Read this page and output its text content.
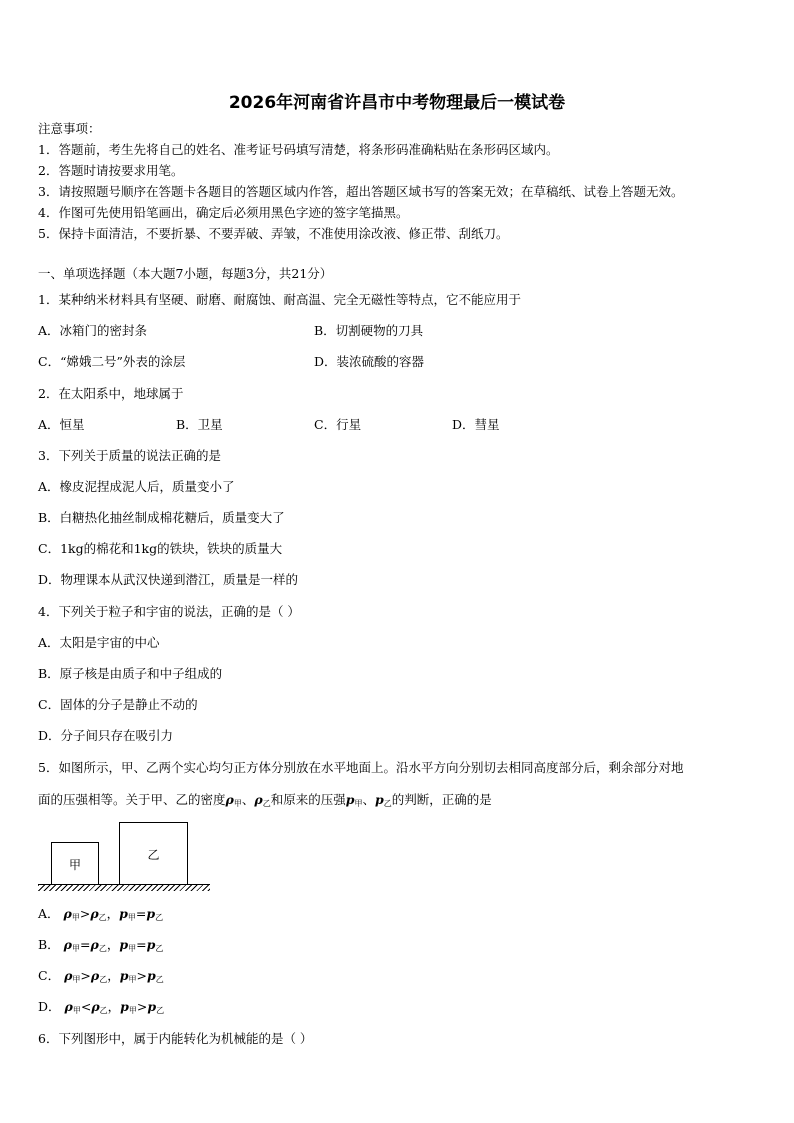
2026年河南省许昌市中考物理最后一模试卷
注意事项：
1．答题前，考生先将自己的姓名、准考证号码填写清楚，将条形码准确粘贴在条形码区域内。
2．答题时请按要求用笔。
3．请按照题号顺序在答题卡各题目的答题区域内作答，超出答题区域书写的答案无效；在草稿纸、试卷上答题无效。
4．作图可先使用铅笔画出，确定后必须用黑色字迹的签字笔描黑。
5．保持卡面清洁，不要折暴、不要弄破、弄皱，不准使用涂改液、修正带、刮纸刀。
一、单项选择题（本大题7小题，每题3分，共21分）
1．某种纳米材料具有坚硬、耐磨、耐腐蚀、耐高温、完全无磁性等特点，它不能应用于
A．冰箱门的密封条	B．切割硬物的刀具
C．“嫦娥二号”外表的涂层	D．装浓硫酸的容器
2．在太阳系中，地球属于
A．恒星	B．卫星	C．行星	D．彗星
3．下列关于质量的说法正确的是
A．橡皮泥捏成泥人后，质量变小了
B．白糖热化抽丝制成棉花糖后，质量变大了
C．1kg的棉花和1kg的铁块，铁块的质量大
D．物理课本从武汉快递到潜江，质量是一样的
4．下列关于粒子和宇宙的说法，正确的是（ ）
A．太阳是宇宙的中心
B．原子核是由质子和中子组成的
C．固体的分子是静止不动的
D．分子间只存在吸引力
5．如图所示，甲、乙两个实心均匀正方体分别放在水平地面上。沿水平方向分别切去相同高度部分后，剩余部分对地
面的压强相等。关于甲、乙的密度$\rho_甲$、$\rho_乙$和原来的压强$p_甲$、$p_乙$的判断，正确的是
甲
乙
A． $\rho_甲>\rho_乙$，$p_甲=p_乙$
B． $\rho_甲=\rho_乙$，$p_甲=p_乙$
C． $\rho_甲>\rho_乙$，$p_甲>p_乙$
D． $\rho_甲<\rho_乙$，$p_甲>p_乙$
6．下列图形中，属于内能转化为机械能的是（ ）
